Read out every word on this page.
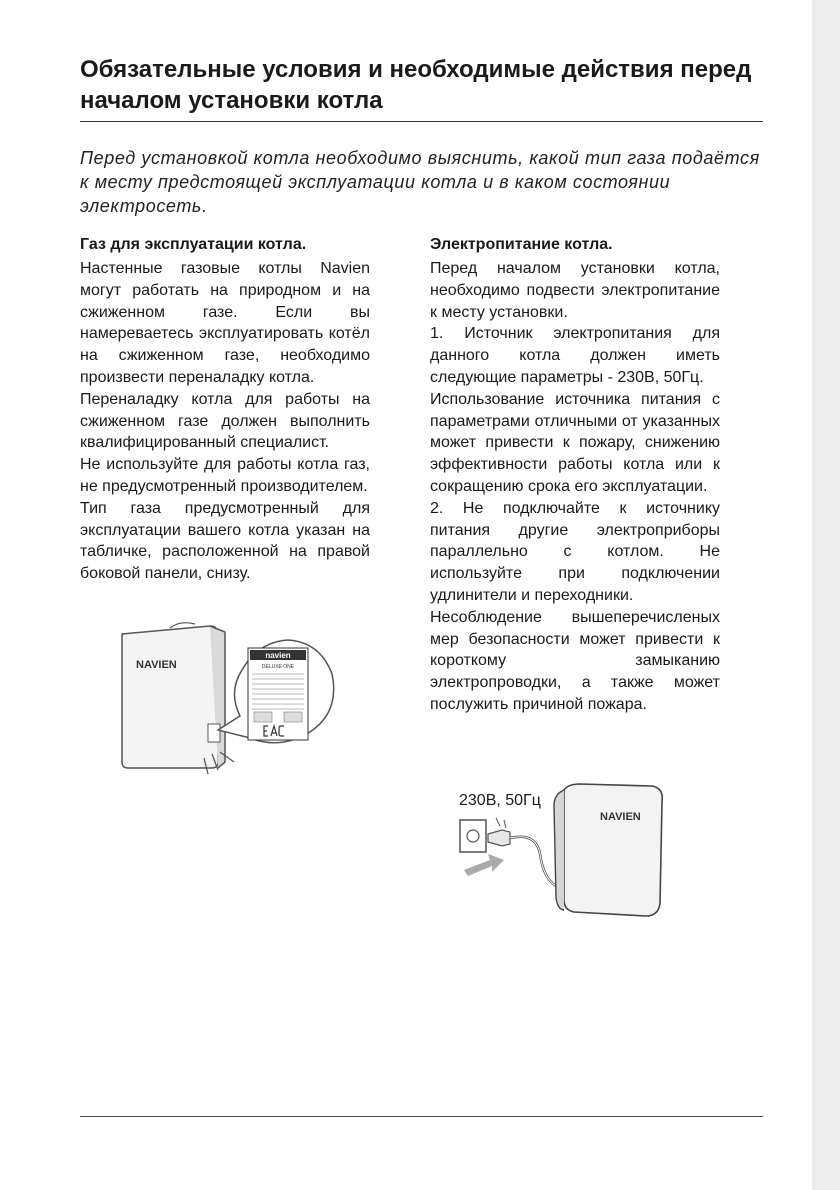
Обязательные условия и необходимые действия перед началом установки котла
Перед установкой котла необходимо выяснить, какой тип газа подаётся к месту предстоящей эксплуатации котла и в каком состоянии электросеть.
Газ для эксплуатации котла.

Настенные газовые котлы Navien могут работать на природном и на сжиженном газе. Если вы намереваетесь эксплуатировать котёл на сжиженном газе, необходимо произвести переналадку котла.

Переналадку котла для работы на сжиженном газе должен выполнить квалифицированный специалист.

Не используйте для работы котла газ, не предусмотренный производителем.

Тип газа предусмотренный для эксплуатации вашего котла указан на табличке, расположенной на правой боковой панели, снизу.

Электропитание котла.

Перед началом установки котла, необходимо подвести электропитание к месту установки.

1. Источник электропитания для данного котла должен иметь следующие параметры - 230В, 50Гц.

Использование источника питания с параметрами отличными от указанных может привести к пожару, снижению эффективности работы котла или к сокращению срока его эксплуатации.

2. Не подключайте к источнику питания другие электроприборы параллельно с котлом. Не используйте при подключении удлинители и переходники.

Несоблюдение вышеперечисленых мер безопасности может привести к короткому замыканию электропроводки, а также может послужить причиной пожара.

NAVIEN
navien
DELUXE ONE
230В, 50Гц
NAVIEN
